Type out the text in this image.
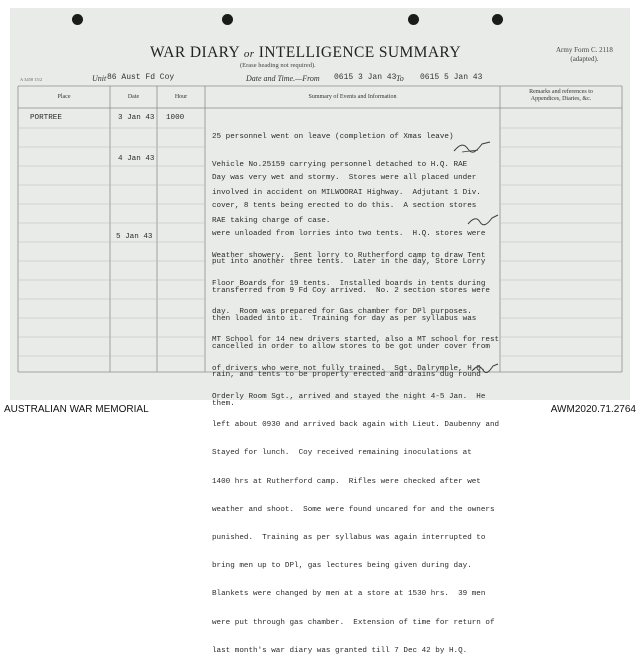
WAR DIARY or INTELLIGENCE SUMMARY
(Erase heading not required).
Army Form C. 2118
(adapted).
A 3458 15/2	Unit 86 Aust Fd Coy	Date and Time.—From 0615 3 Jan 43 To 0615 5 Jan 43
Place	Date	Hour	Summary of Events and Information
Remarks and references to
Appendices, Diaries, &c.
PORTREE	3 Jan 43 1000

25 personnel went on leave (completion of Xmas leave)

Vehicle No.25159 carrying personnel detached to H.Q. RAE

involved in accident on MILWOORAI Highway.  Adjutant 1 Div.

RAE taking charge of case.

4 Jan 43

Day was very wet and stormy.  Stores were all placed under

cover, 8 tents being erected to do this.  A section stores

were unloaded from lorries into two tents.  H.Q. stores were

put into another three tents.  Later in the day, Store Lorry

transferred from 9 Fd Coy arrived.  No. 2 section stores were

then loaded into it.  Training for day as per syllabus was

cancelled in order to allow stores to be got under cover from

rain, and tents to be properly erected and drains dug round

them.

5 Jan 43

Weather showery.  Sent lorry to Rutherford camp to draw Tent

Floor Boards for 19 tents.  Installed boards in tents during

day.  Room was prepared for Gas chamber for DPl purposes.

MT School for 14 new drivers started, also a MT school for rest

of drivers who were not fully trained.  Sgt. Dalrymple, H.Q.

Orderly Room Sgt., arrived and stayed the night 4-5 Jan.  He

left about 0930 and arrived back again with Lieut. Daubenny and

Stayed for lunch.  Coy received remaining inoculations at

1400 hrs at Rutherford camp.  Rifles were checked after wet

weather and shoot.  Some were found uncared for and the owners

punished.  Training as per syllabus was again interrupted to

bring men up to DPl, gas lectures being given during day.

Blankets were changed by men at a store at 1530 hrs.  39 men

were put through gas chamber.  Extension of time for return of

last month's war diary was granted till 7 Dec 42 by H.Q.

AUSTRALIAN WAR MEMORIAL	AWM2020.71.2764
